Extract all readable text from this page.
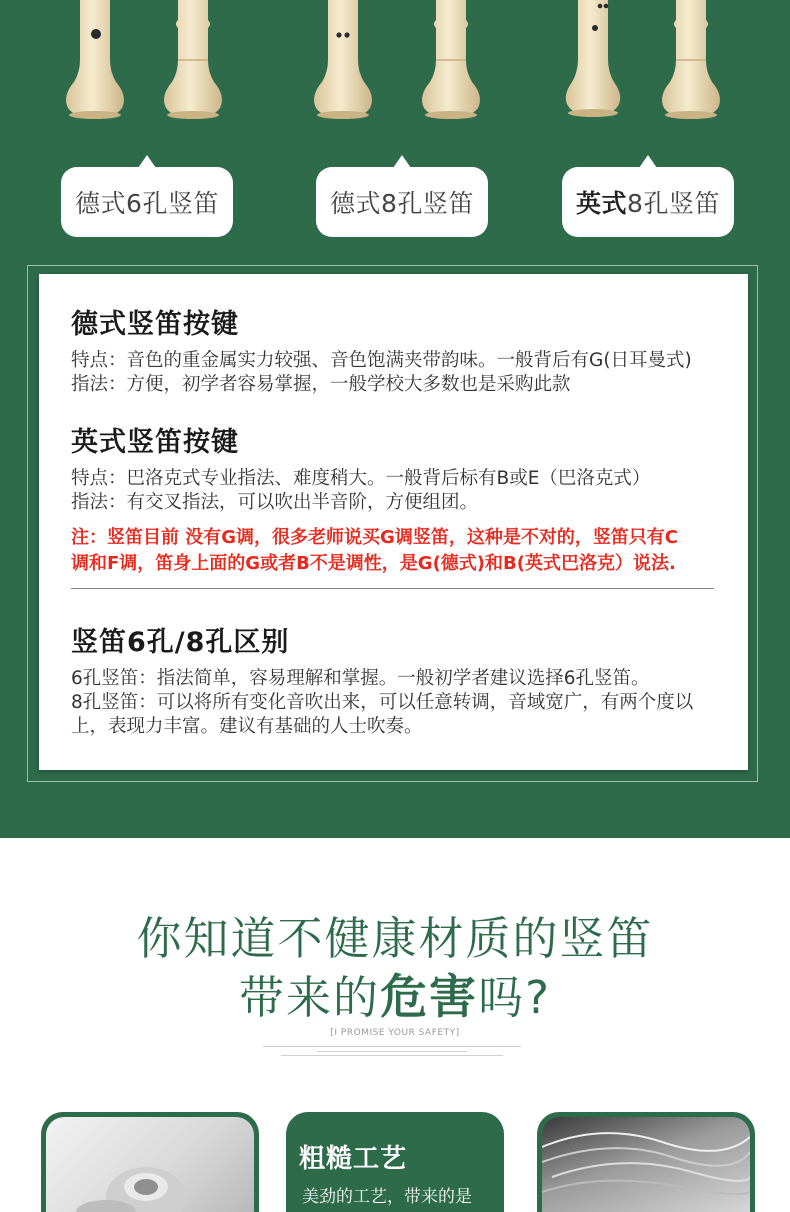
德式6孔竖笛	德式8孔竖笛	英式 8孔竖笛
德式竖笛按键
特点：音色的重金属实力较强、音色饱满夹带韵味。一般背后有G(日耳曼式)
指法：方便，初学者容易掌握，一般学校大多数也是采购此款
英式竖笛按键
特点：巴洛克式专业指法、难度稍大。一般背后标有B或E（巴洛克式）
指法：有交叉指法，可以吹出半音阶，方便组团。
注：竖笛目前 没有G调，很多老师说买G调竖笛，这种是不对的，竖笛只有C
调和F调，笛身上面的G或者B不是调性，是G(德式)和B(英式巴洛克）说法.
竖笛6孔/8孔区别
6孔竖笛：指法简单，容易理解和掌握。一般初学者建议选择6孔竖笛。
8孔竖笛：可以将所有变化音吹出来，可以任意转调，音域宽广，有两个度以
上，表现力丰富。建议有基础的人士吹奏。
你知道不健康材质的竖笛
带来的危害吗?
[I PROMISE YOUR SAFETY]
粗糙工艺
美劲的工艺，带来的是
